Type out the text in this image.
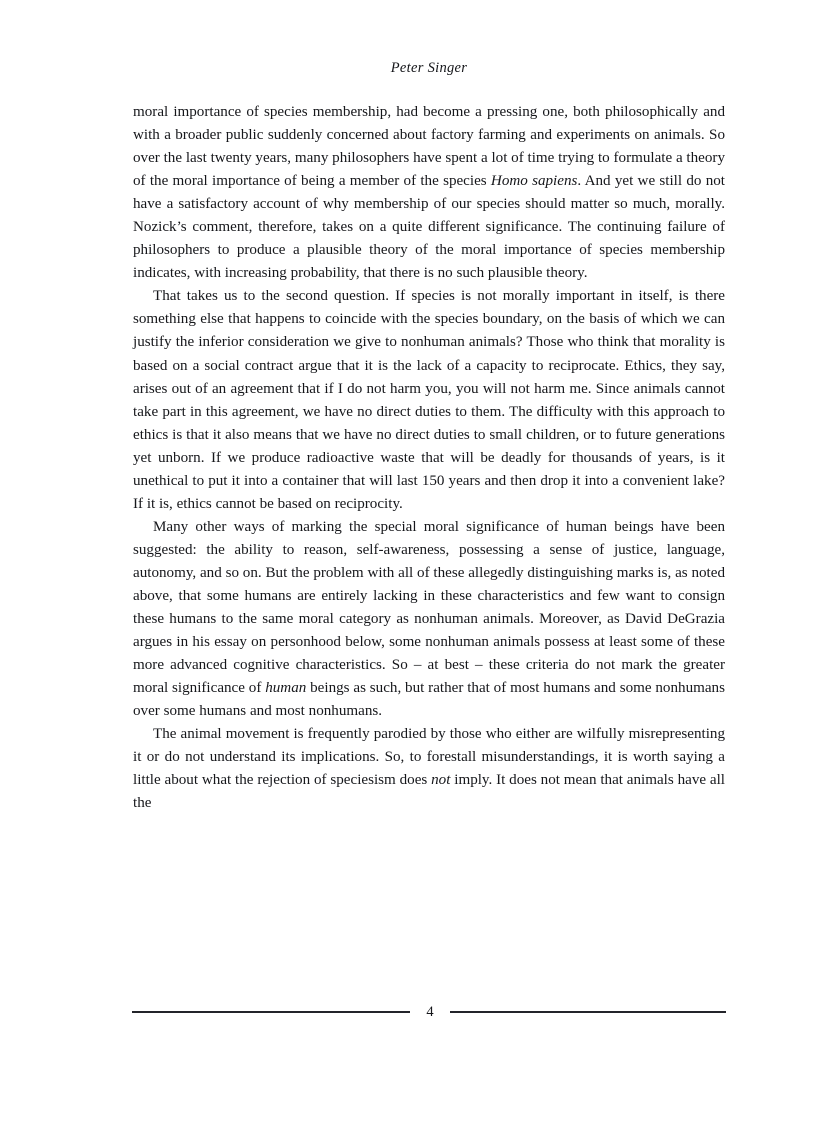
Peter Singer

moral importance of species membership, had become a pressing one, both philosophically and with a broader public suddenly concerned about factory farming and experiments on animals. So over the last twenty years, many philosophers have spent a lot of time trying to formulate a theory of the moral importance of being a member of the species Homo sapiens. And yet we still do not have a satisfactory account of why membership of our species should matter so much, morally. Nozick’s comment, therefore, takes on a quite different significance. The continuing failure of philosophers to produce a plausible theory of the moral importance of species membership indicates, with increasing probability, that there is no such plausible theory.

That takes us to the second question. If species is not morally important in itself, is there something else that happens to coincide with the species boundary, on the basis of which we can justify the inferior consideration we give to nonhuman animals? Those who think that morality is based on a social contract argue that it is the lack of a capacity to reciprocate. Ethics, they say, arises out of an agreement that if I do not harm you, you will not harm me. Since animals cannot take part in this agreement, we have no direct duties to them. The difficulty with this approach to ethics is that it also means that we have no direct duties to small children, or to future generations yet unborn. If we produce radioactive waste that will be deadly for thousands of years, is it unethical to put it into a container that will last 150 years and then drop it into a convenient lake? If it is, ethics cannot be based on reciprocity.

Many other ways of marking the special moral significance of human beings have been suggested: the ability to reason, self-awareness, possessing a sense of justice, language, autonomy, and so on. But the problem with all of these allegedly distinguishing marks is, as noted above, that some humans are entirely lacking in these characteristics and few want to consign these humans to the same moral category as nonhuman animals. Moreover, as David DeGrazia argues in his essay on personhood below, some nonhuman animals possess at least some of these more advanced cognitive characteristics. So – at best – these criteria do not mark the greater moral significance of human beings as such, but rather that of most humans and some nonhumans over some humans and most nonhumans.

The animal movement is frequently parodied by those who either are wilfully misrepresenting it or do not understand its implications. So, to forestall misunderstandings, it is worth saying a little about what the rejection of speciesism does not imply. It does not mean that animals have all the

4
